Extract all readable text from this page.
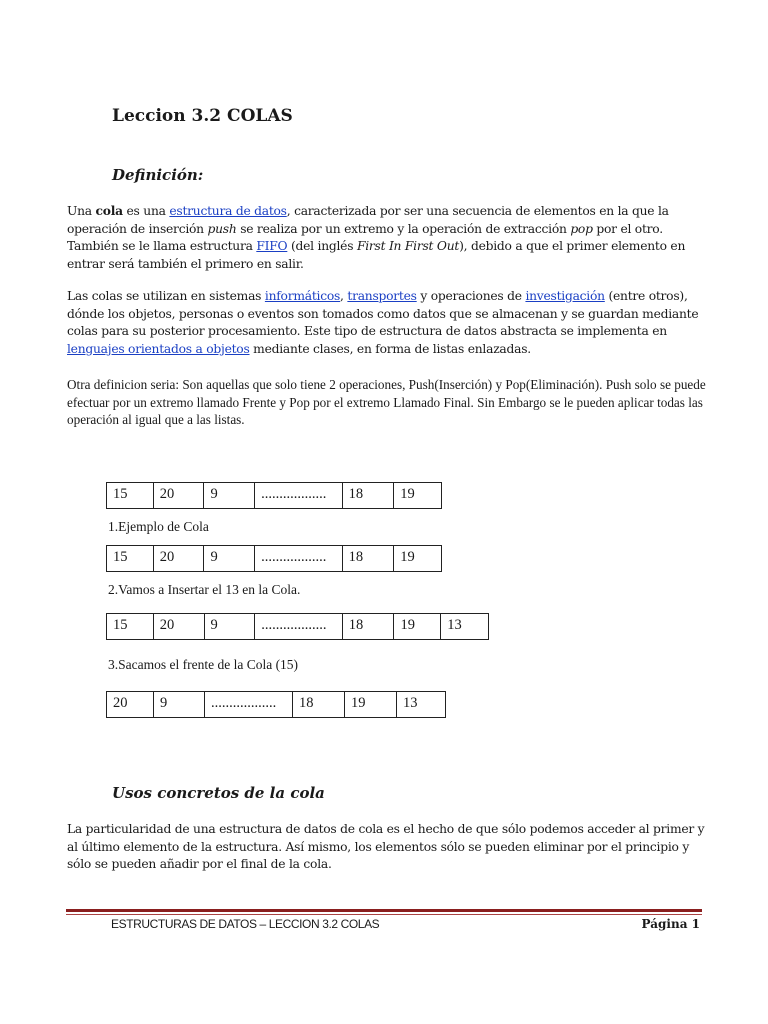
Leccion 3.2 COLAS
Definición:

Una cola es una estructura de datos, caracterizada por ser una secuencia de elementos en la que la operación de inserción push se realiza por un extremo y la operación de extracción pop por el otro. También se le llama estructura FIFO (del inglés First In First Out), debido a que el primer elemento en entrar será también el primero en salir.

Las colas se utilizan en sistemas informáticos, transportes y operaciones de investigación (entre otros), dónde los objetos, personas o eventos son tomados como datos que se almacenan y se guardan mediante colas para su posterior procesamiento. Este tipo de estructura de datos abstracta se implementa en lenguajes orientados a objetos mediante clases, en forma de listas enlazadas.

Otra definicion seria: Son aquellas que solo tiene 2 operaciones, Push(Inserción) y Pop(Eliminación). Push solo se puede efectuar por un extremo llamado Frente y Pop por el extremo Llamado Final. Sin Embargo se le pueden aplicar todas las operación al igual que a las listas.

15	20	9	..................	18	19

1.Ejemplo de Cola

15	20	9	..................	18	19

2.Vamos a Insertar el 13 en la Cola.

15	20	9	..................	18	19	13

3.Sacamos el frente de la Cola (15)

20	9	..................	18	19	13
Usos concretos de la cola

La particularidad de una estructura de datos de cola es el hecho de que sólo podemos acceder al primer y al último elemento de la estructura. Así mismo, los elementos sólo se pueden eliminar por el principio y sólo se pueden añadir por el final de la cola.

ESTRUCTURAS DE DATOS – LECCION 3.2 COLAS	Página 1
